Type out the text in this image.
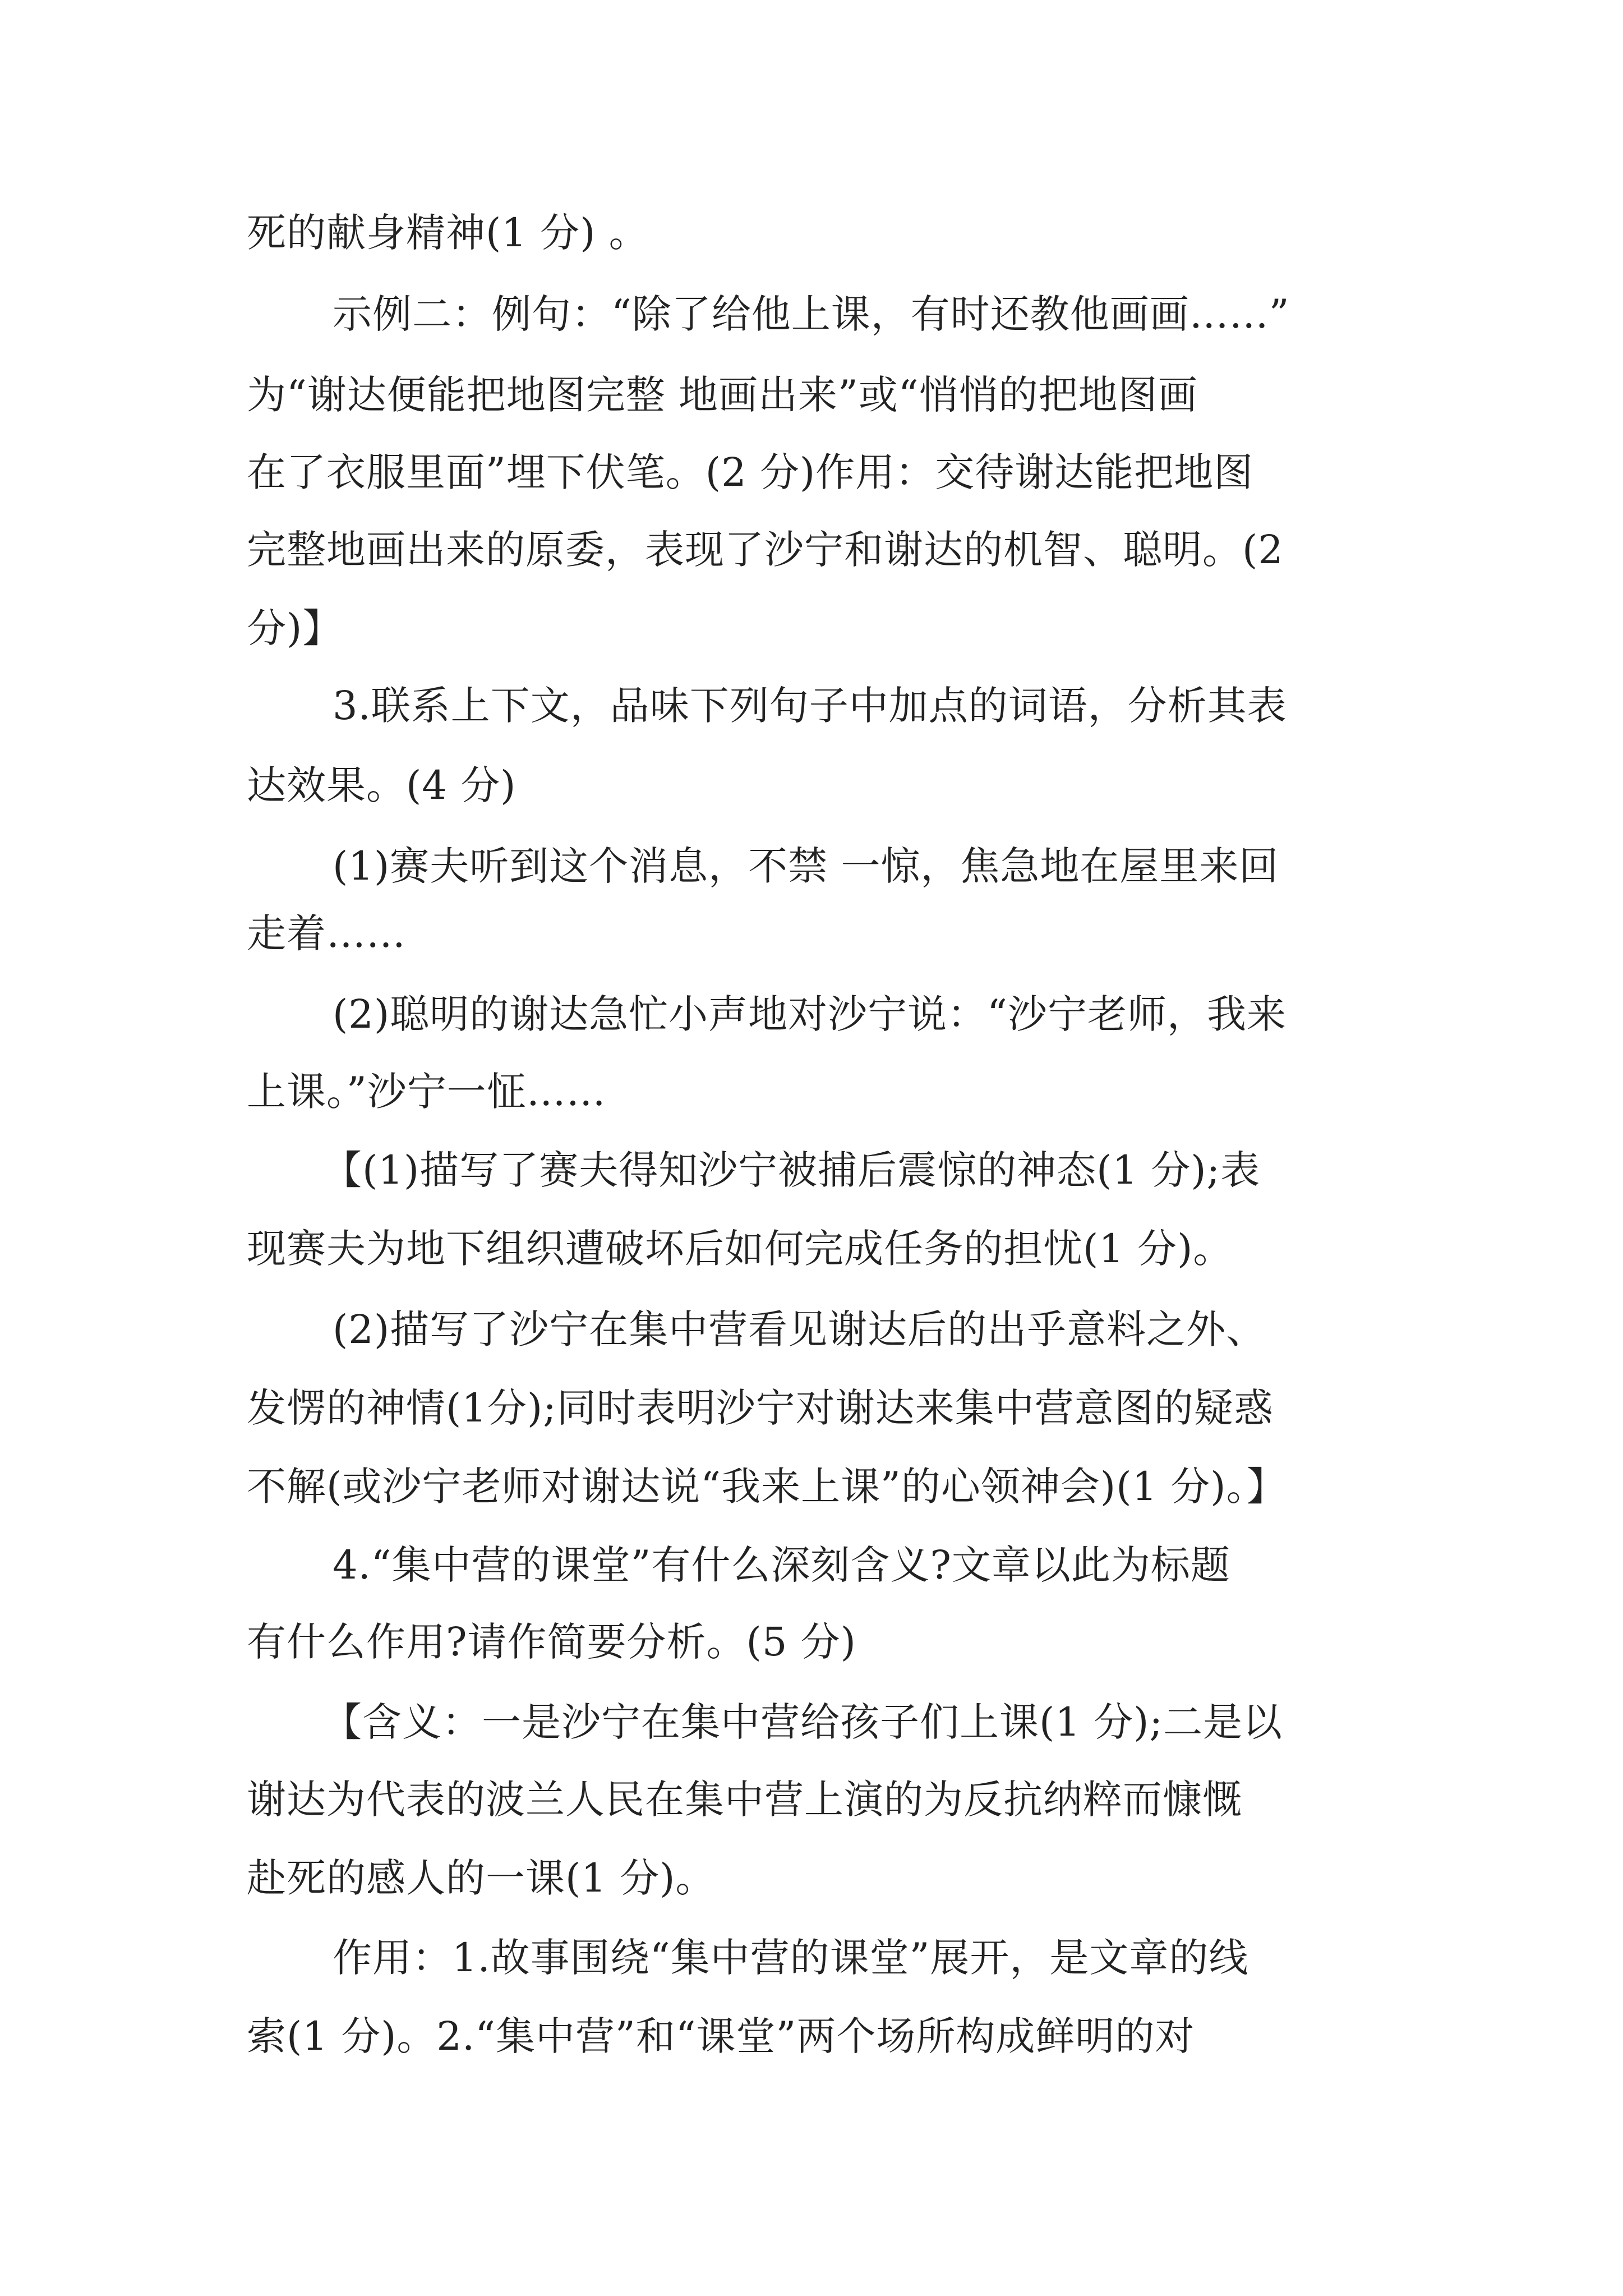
死的献身精神(1 分) 。
示例二：例句：“除了给他上课，有时还教他画画……”
为“谢达便能把地图完整 地画出来”或“悄悄的把地图画
在了衣服里面”埋下伏笔。(2 分)作用：交待谢达能把地图
完整地画出来的原委，表现了沙宁和谢达的机智、聪明。(2
分)】
3.联系上下文，品味下列句子中加点的词语，分析其表
达效果。(4 分)
(1)赛夫听到这个消息，不禁 一惊，焦急地在屋里来回
走着……
(2)聪明的谢达急忙小声地对沙宁说：“沙宁老师，我来
上课。”沙宁一怔……
【(1)描写了赛夫得知沙宁被捕后震惊的神态(1 分);表
现赛夫为地下组织遭破坏后如何完成任务的担忧(1 分)。
(2)描写了沙宁在集中营看见谢达后的出乎意料之外、
发愣的神情(1分);同时表明沙宁对谢达来集中营意图的疑惑
不解(或沙宁老师对谢达说“我来上课”的心领神会)(1 分)。】
4.“集中营的课堂”有什么深刻含义?文章以此为标题
有什么作用?请作简要分析。(5 分)
【含义：一是沙宁在集中营给孩子们上课(1 分);二是以
谢达为代表的波兰人民在集中营上演的为反抗纳粹而慷慨
赴死的感人的一课(1 分)。
作用：1.故事围绕“集中营的课堂”展开，是文章的线
索(1 分)。2.“集中营”和“课堂”两个场所构成鲜明的对
